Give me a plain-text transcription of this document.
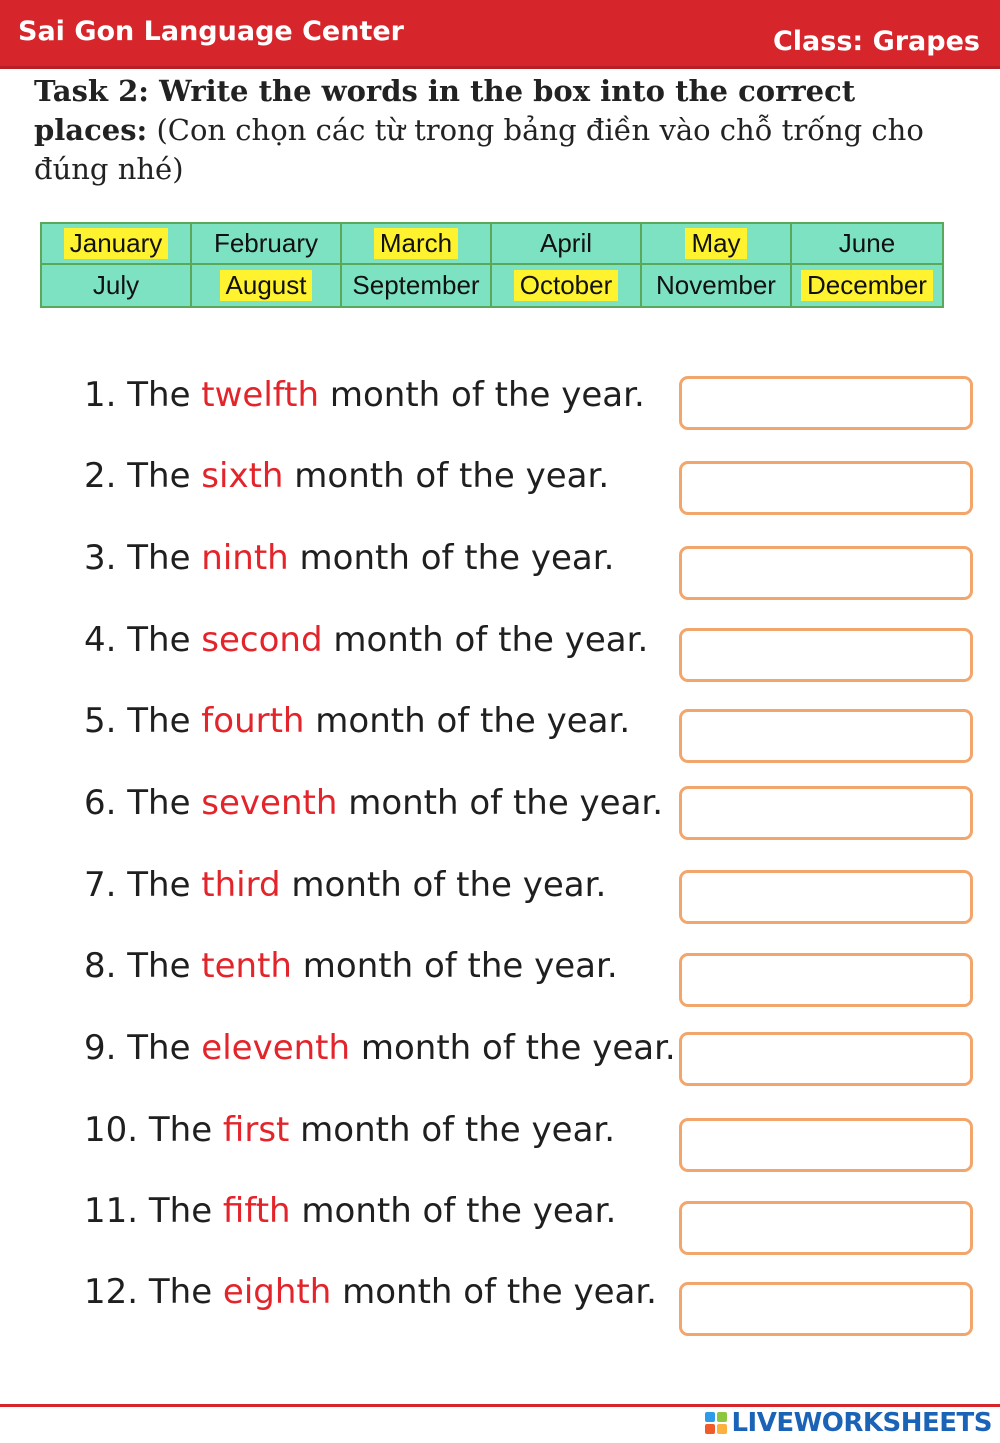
Sai Gon Language Center	Class: Grapes
Task 2: Write the words in the box into the correct places: (Con chọn các từ trong bảng điền vào chỗ trống cho đúng nhé)
January February March	April	May	June
July	August September October November December
1. The twelfth month of the year.
2. The sixth month of the year.
3. The ninth month of the year.
4. The second month of the year.
5. The fourth month of the year.
6. The seventh month of the year.
7. The third month of the year.
8. The tenth month of the year.
9. The eleventh month of the year.
10. The first month of the year.
11. The fifth month of the year.
12. The eighth month of the year.
LIVEWORKSHEETS
